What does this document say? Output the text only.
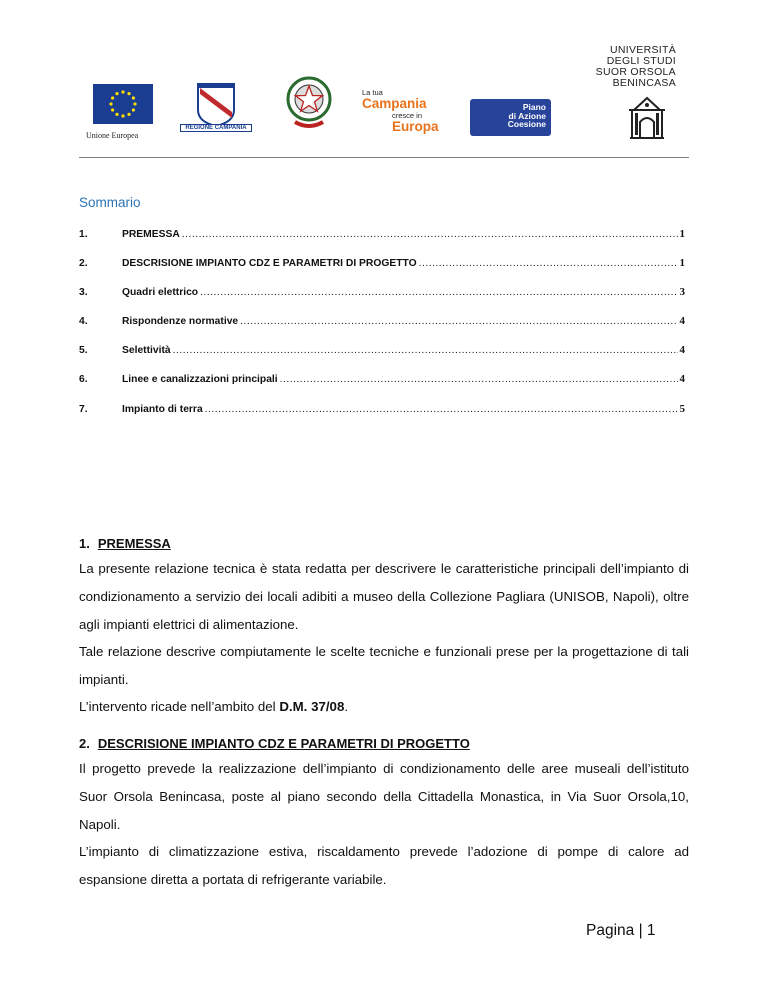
Unione Europea
REGIONE CAMPANIA
La tua
Campania
cresce in
Europa
Piano
di Azione
Coesione
UNIVERSITÀ
DEGLI STUDI
SUOR ORSOLA
BENINCASA
Sommario
1.	PREMESSA .....	1
2.	DESCRISIONE IMPIANTO CDZ E PARAMETRI DI PROGETTO .....	1
3.	Quadri elettrico .....	3
4.	Rispondenze normative .....	4
5.	Selettività .....	4
6.	Linee e canalizzazioni principali .....	4
7.	Impianto di terra .....	5
1. PREMESSA
La presente relazione tecnica è stata redatta per descrivere le caratteristiche principali dell’impianto di condizionamento a servizio dei locali adibiti a museo della Collezione Pagliara (UNISOB, Napoli), oltre agli impianti elettrici di alimentazione.
Tale relazione descrive compiutamente le scelte tecniche e funzionali prese per la progettazione di tali impianti.
L’intervento ricade nell’ambito del D.M. 37/08.
2. DESCRISIONE IMPIANTO CDZ E PARAMETRI DI PROGETTO
Il progetto prevede la realizzazione dell’impianto di condizionamento delle aree museali dell’istituto Suor Orsola Benincasa, poste al piano secondo della Cittadella Monastica, in Via Suor Orsola,10, Napoli.
L’impianto di climatizzazione estiva, riscaldamento prevede l’adozione di pompe di calore ad espansione diretta a portata di refrigerante variabile.
Pagina | 1
